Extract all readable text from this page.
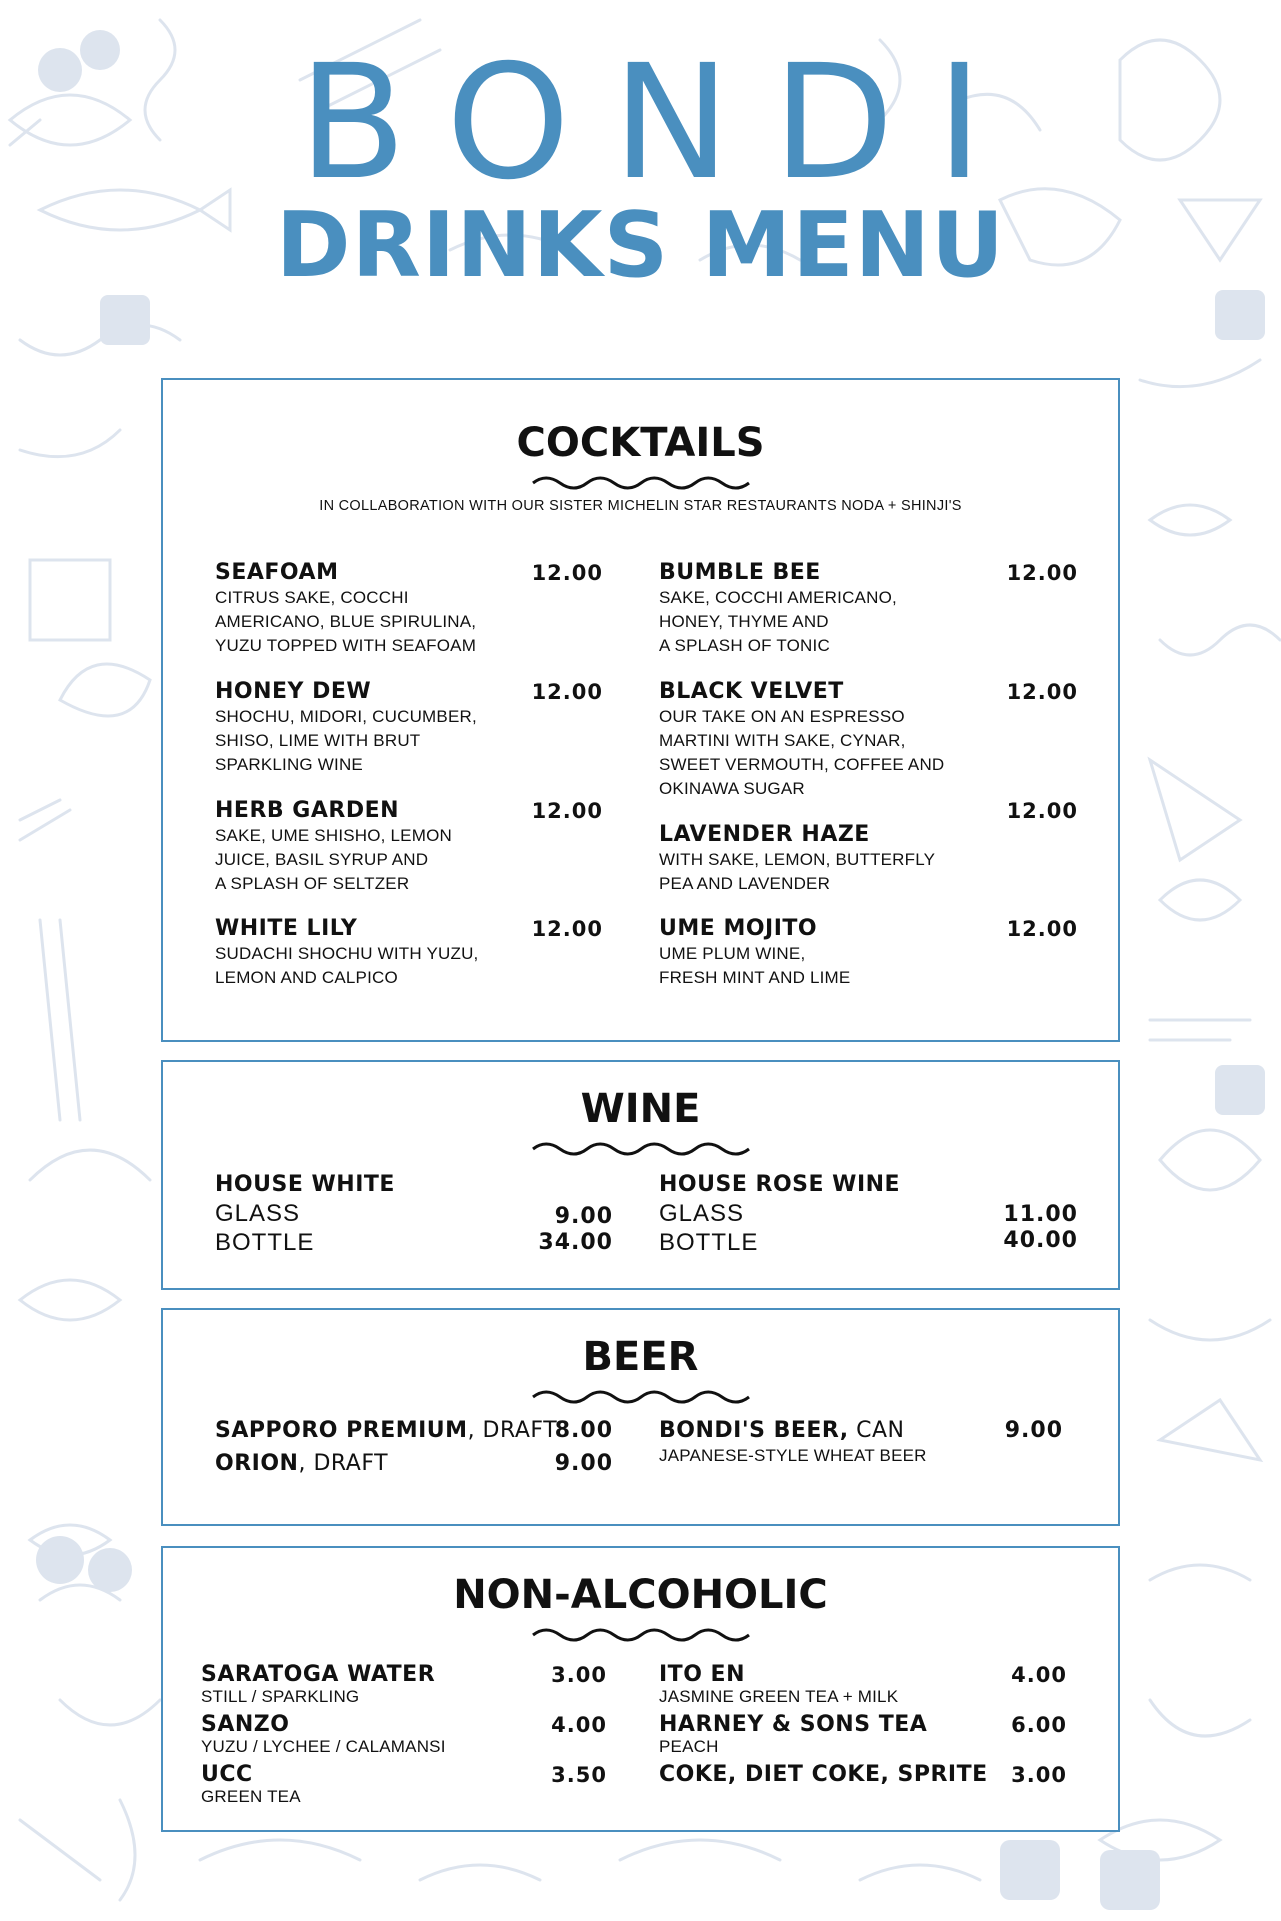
BONDI
DRINKS MENU
COCKTAILS
IN COLLABORATION WITH OUR SISTER MICHELIN STAR RESTAURANTS NODA + SHINJI'S
SEAFOAM
CITRUS SAKE, COCCHI
AMERICANO, BLUE SPIRULINA,
YUZU TOPPED WITH SEAFOAM
12.00
HONEY DEW
SHOCHU, MIDORI, CUCUMBER,
SHISO, LIME WITH BRUT
SPARKLING WINE
12.00
HERB GARDEN
SAKE, UME SHISHO, LEMON
JUICE, BASIL SYRUP AND
A SPLASH OF SELTZER
12.00
WHITE LILY
SUDACHI SHOCHU WITH YUZU,
LEMON AND CALPICO
12.00
BUMBLE BEE
SAKE, COCCHI AMERICANO,
HONEY, THYME AND
A SPLASH OF TONIC
12.00
BLACK VELVET
OUR TAKE ON AN ESPRESSO
MARTINI WITH SAKE, CYNAR,
SWEET VERMOUTH, COFFEE AND
OKINAWA SUGAR
12.00
LAVENDER HAZE
WITH SAKE, LEMON, BUTTERFLY
PEA AND LAVENDER
12.00
UME MOJITO
UME PLUM WINE,
FRESH MINT AND LIME
12.00
WINE
HOUSE WHITE
GLASS	9.00
BOTTLE	34.00
HOUSE ROSE WINE
GLASS	11.00
BOTTLE	40.00
BEER
SAPPORO PREMIUM, DRAFT
8.00
ORION, DRAFT	9.00
BONDI'S BEER, CAN
JAPANESE-STYLE WHEAT BEER
9.00
NON-ALCOHOLIC
SARATOGA WATER
STILL / SPARKLING
3.00
SANZO
YUZU / LYCHEE / CALAMANSI
4.00
UCC
GREEN TEA
3.50
ITO EN
JASMINE GREEN TEA + MILK
4.00
HARNEY & SONS TEA
PEACH
6.00
COKE, DIET COKE, SPRITE	3.00
